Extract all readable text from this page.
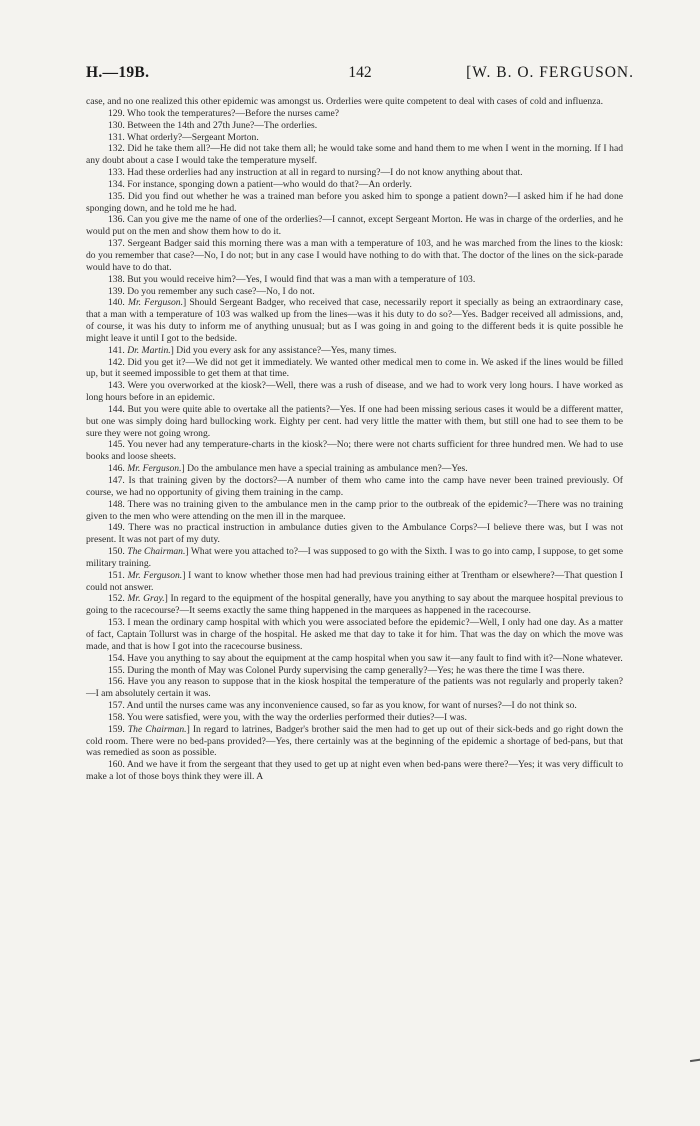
H.—19B.	142	[W. B. O. FERGUSON.

case, and no one realized this other epidemic was amongst us. Orderlies were quite competent to deal with cases of cold and influenza.

129. Who took the temperatures?—Before the nurses came?

130. Between the 14th and 27th June?—The orderlies.

131. What orderly?—Sergeant Morton.

132. Did he take them all?—He did not take them all; he would take some and hand them to me when I went in the morning. If I had any doubt about a case I would take the temperature myself.

133. Had these orderlies had any instruction at all in regard to nursing?—I do not know anything about that.

134. For instance, sponging down a patient—who would do that?—An orderly.

135. Did you find out whether he was a trained man before you asked him to sponge a patient down?—I asked him if he had done sponging down, and he told me he had.

136. Can you give me the name of one of the orderlies?—I cannot, except Sergeant Morton. He was in charge of the orderlies, and he would put on the men and show them how to do it.

137. Sergeant Badger said this morning there was a man with a temperature of 103, and he was marched from the lines to the kiosk: do you remember that case?—No, I do not; but in any case I would have nothing to do with that. The doctor of the lines on the sick-parade would have to do that.

138. But you would receive him?—Yes, I would find that was a man with a temperature of 103.

139. Do you remember any such case?—No, I do not.

140. Mr. Ferguson.] Should Sergeant Badger, who received that case, necessarily report it specially as being an extraordinary case, that a man with a temperature of 103 was walked up from the lines—was it his duty to do so?—Yes. Badger received all admissions, and, of course, it was his duty to inform me of anything unusual; but as I was going in and going to the different beds it is quite possible he might leave it until I got to the bedside.

141. Dr. Martin.] Did you every ask for any assistance?—Yes, many times.

142. Did you get it?—We did not get it immediately. We wanted other medical men to come in. We asked if the lines would be filled up, but it seemed impossible to get them at that time.

143. Were you overworked at the kiosk?—Well, there was a rush of disease, and we had to work very long hours. I have worked as long hours before in an epidemic.

144. But you were quite able to overtake all the patients?—Yes. If one had been missing serious cases it would be a different matter, but one was simply doing hard bullocking work. Eighty per cent. had very little the matter with them, but still one had to see them to be sure they were not going wrong.

145. You never had any temperature-charts in the kiosk?—No; there were not charts sufficient for three hundred men. We had to use books and loose sheets.

146. Mr. Ferguson.] Do the ambulance men have a special training as ambulance men?—Yes.

147. Is that training given by the doctors?—A number of them who came into the camp have never been trained previously. Of course, we had no opportunity of giving them training in the camp.

148. There was no training given to the ambulance men in the camp prior to the outbreak of the epidemic?—There was no training given to the men who were attending on the men ill in the marquee.

149. There was no practical instruction in ambulance duties given to the Ambulance Corps?—I believe there was, but I was not present. It was not part of my duty.

150. The Chairman.] What were you attached to?—I was supposed to go with the Sixth. I was to go into camp, I suppose, to get some military training.

151. Mr. Ferguson.] I want to know whether those men had had previous training either at Trentham or elsewhere?—That question I could not answer.

152. Mr. Gray.] In regard to the equipment of the hospital generally, have you anything to say about the marquee hospital previous to going to the racecourse?—It seems exactly the same thing happened in the marquees as happened in the racecourse.

153. I mean the ordinary camp hospital with which you were associated before the epidemic?—Well, I only had one day. As a matter of fact, Captain Tollurst was in charge of the hospital. He asked me that day to take it for him. That was the day on which the move was made, and that is how I got into the racecourse business.

154. Have you anything to say about the equipment at the camp hospital when you saw it—any fault to find with it?—None whatever.

155. During the month of May was Colonel Purdy supervising the camp generally?—Yes; he was there the time I was there.

156. Have you any reason to suppose that in the kiosk hospital the temperature of the patients was not regularly and properly taken?—I am absolutely certain it was.

157. And until the nurses came was any inconvenience caused, so far as you know, for want of nurses?—I do not think so.

158. You were satisfied, were you, with the way the orderlies performed their duties?—I was.

159. The Chairman.] In regard to latrines, Badger's brother said the men had to get up out of their sick-beds and go right down the cold room. There were no bed-pans provided?—Yes, there certainly was at the beginning of the epidemic a shortage of bed-pans, but that was remedied as soon as possible.

160. And we have it from the sergeant that they used to get up at night even when bed-pans were there?—Yes; it was very difficult to make a lot of those boys think they were ill. A
